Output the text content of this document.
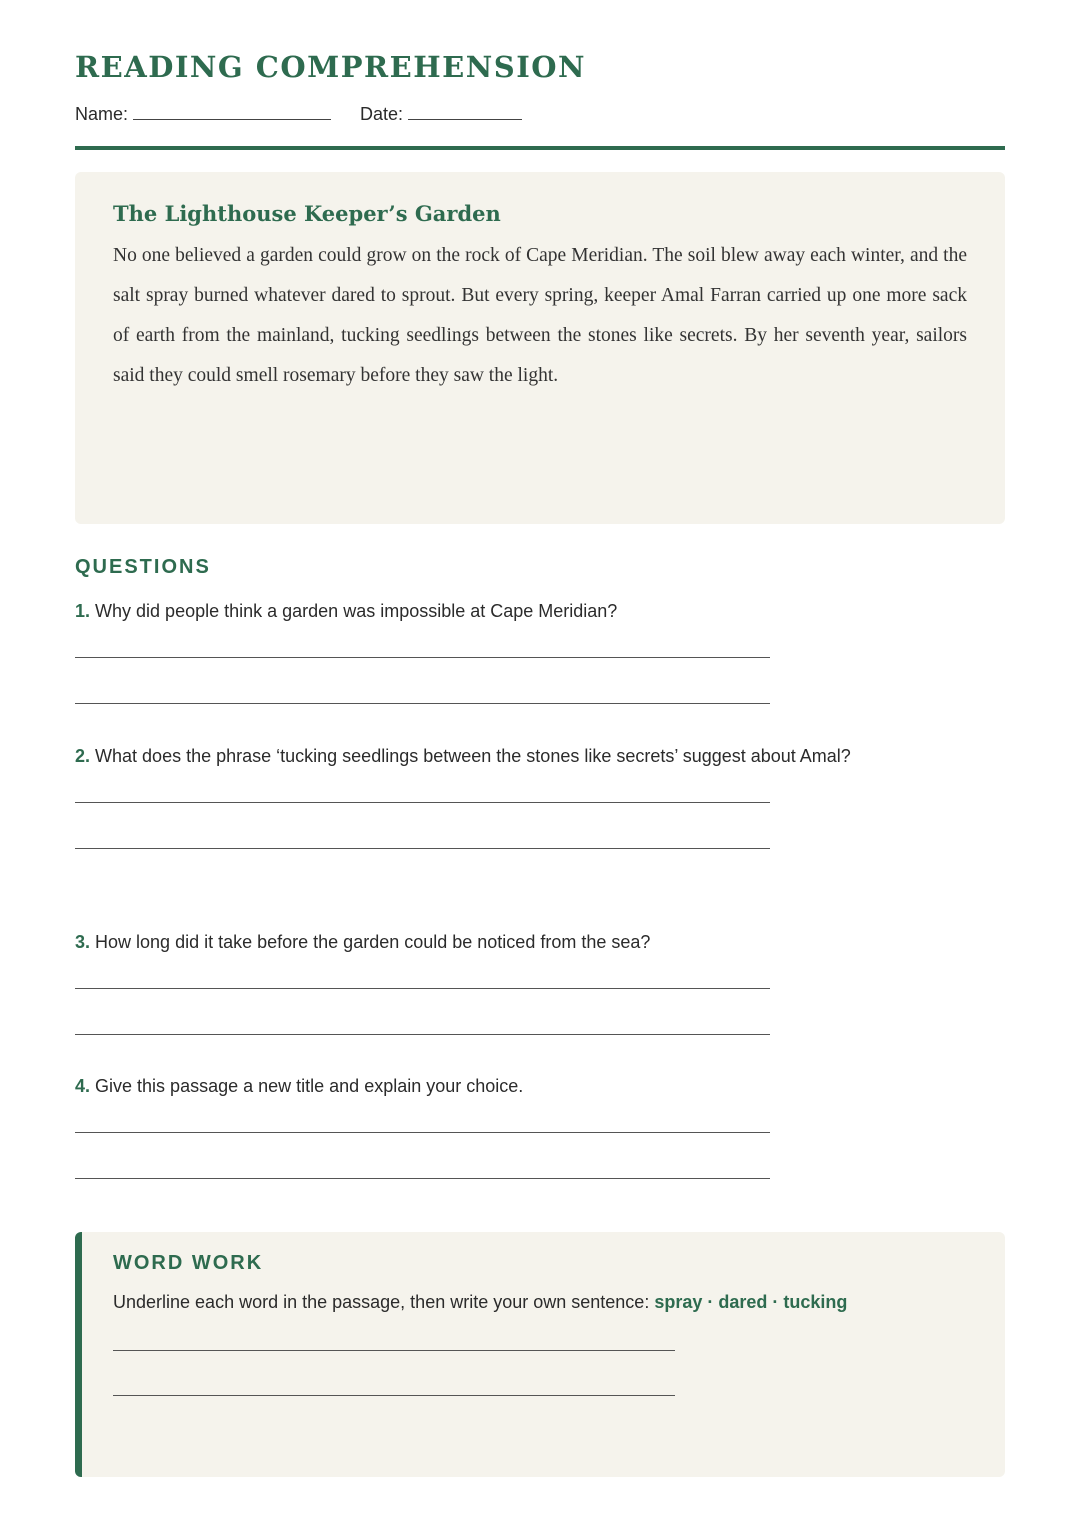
READING COMPREHENSION
Name:	Date:
The Lighthouse Keeper’s Garden

No one believed a garden could grow on the rock of Cape Meridian. The soil blew away each winter, and the salt spray burned whatever dared to sprout. But every spring, keeper Amal Farran carried up one more sack of earth from the mainland, tucking seedlings between the stones like secrets. By her seventh year, sailors said they could smell rosemary before they saw the light.

QUESTIONS
1. Why did people think a garden was impossible at Cape Meridian?
2. What does the phrase ‘tucking seedlings between the stones like secrets’ suggest about Amal?
3. How long did it take before the garden could be noticed from the sea?
4. Give this passage a new title and explain your choice.
WORD WORK
Underline each word in the passage, then write your own sentence: spray · dared · tucking
